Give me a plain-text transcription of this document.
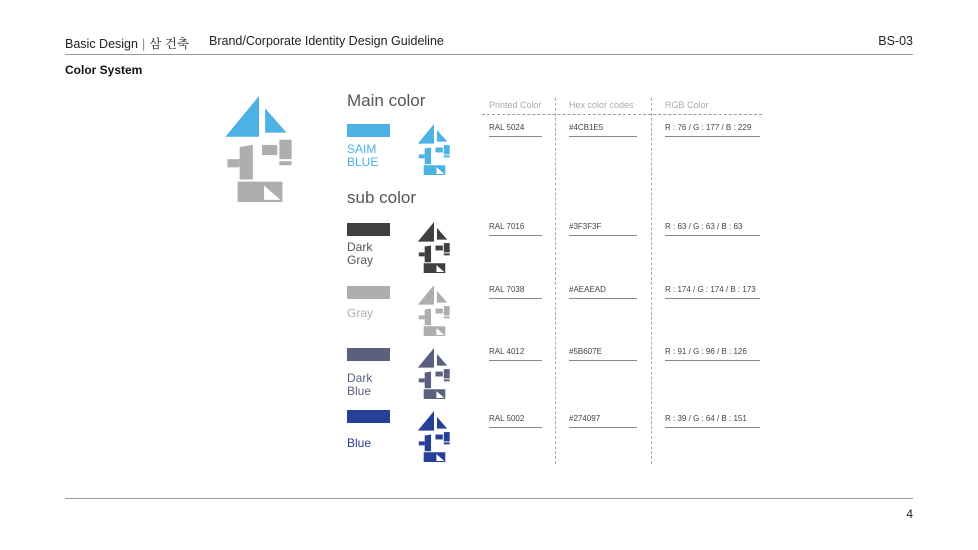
Basic Design | 삼 건축 Brand/Corporate Identity Design Guideline	BS-03
Color System
Main color
sub color
Printed Color	Hex color codes	RGB Color
SAIM
BLUE
RAL 5024	#4CB1E5	R : 76 / G : 177 / B : 229
Dark
Gray
RAL 7016	#3F3F3F	R : 63 / G : 63 / B : 63

Gray
RAL 7038	#AEAEAD	R : 174 / G : 174 / B : 173
Dark
Blue
RAL 4012	#5B607E	R : 91 / G : 96 / B : 126

Blue
RAL 5002	#274097	R : 39 / G : 64 / B : 151
4
